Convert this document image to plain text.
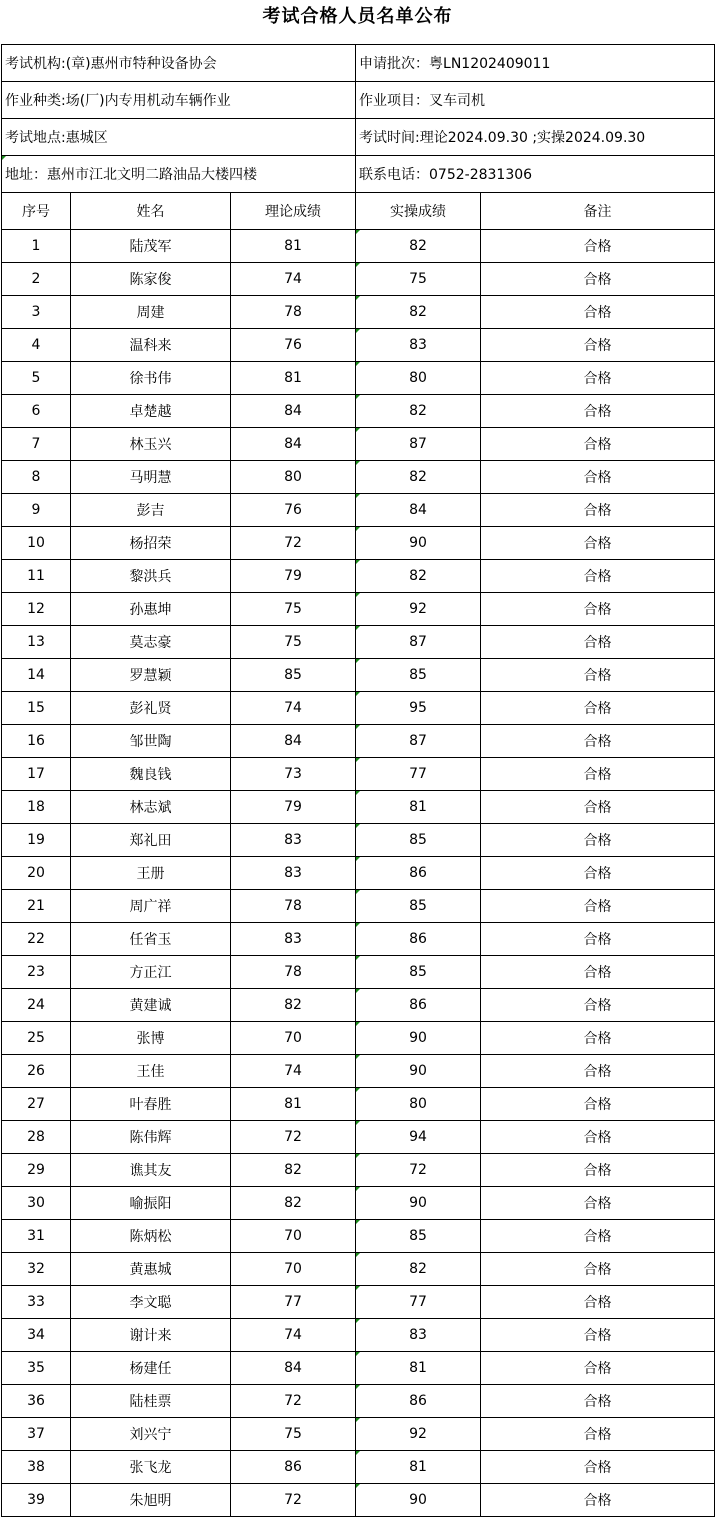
考试合格人员名单公布
考试机构:(章)惠州市特种设备协会			申请批次：粤LN1202409011	
作业种类:场(厂)内专用机动车辆作业			作业项目：叉车司机	
考试地点:惠城区			考试时间:理论2024.09.30 ;实操2024.09.30	
地址：惠州市江北文明二路油品大楼四楼			联系电话：0752-2831306	
序号	姓名	理论成绩	实操成绩	备注
1	陆茂军	81	82	合格
2	陈家俊	74	75	合格
3	周建	78	82	合格
4	温科来	76	83	合格
5	徐书伟	81	80	合格
6	卓楚越	84	82	合格
7	林玉兴	84	87	合格
8	马明慧	80	82	合格
9	彭吉	76	84	合格
10	杨招荣	72	90	合格
11	黎洪兵	79	82	合格
12	孙惠坤	75	92	合格
13	莫志豪	75	87	合格
14	罗慧颖	85	85	合格
15	彭礼贤	74	95	合格
16	邹世陶	84	87	合格
17	魏良钱	73	77	合格
18	林志斌	79	81	合格
19	郑礼田	83	85	合格
20	王册	83	86	合格
21	周广祥	78	85	合格
22	任省玉	83	86	合格
23	方正江	78	85	合格
24	黄建诚	82	86	合格
25	张博	70	90	合格
26	王佳	74	90	合格
27	叶春胜	81	80	合格
28	陈伟辉	72	94	合格
29	谯其友	82	72	合格
30	喻振阳	82	90	合格
31	陈炳松	70	85	合格
32	黄惠城	70	82	合格
33	李文聪	77	77	合格
34	谢计来	74	83	合格
35	杨建任	84	81	合格
36	陆桂票	72	86	合格
37	刘兴宁	75	92	合格
38	张飞龙	86	81	合格
39	朱旭明	72	90	合格
